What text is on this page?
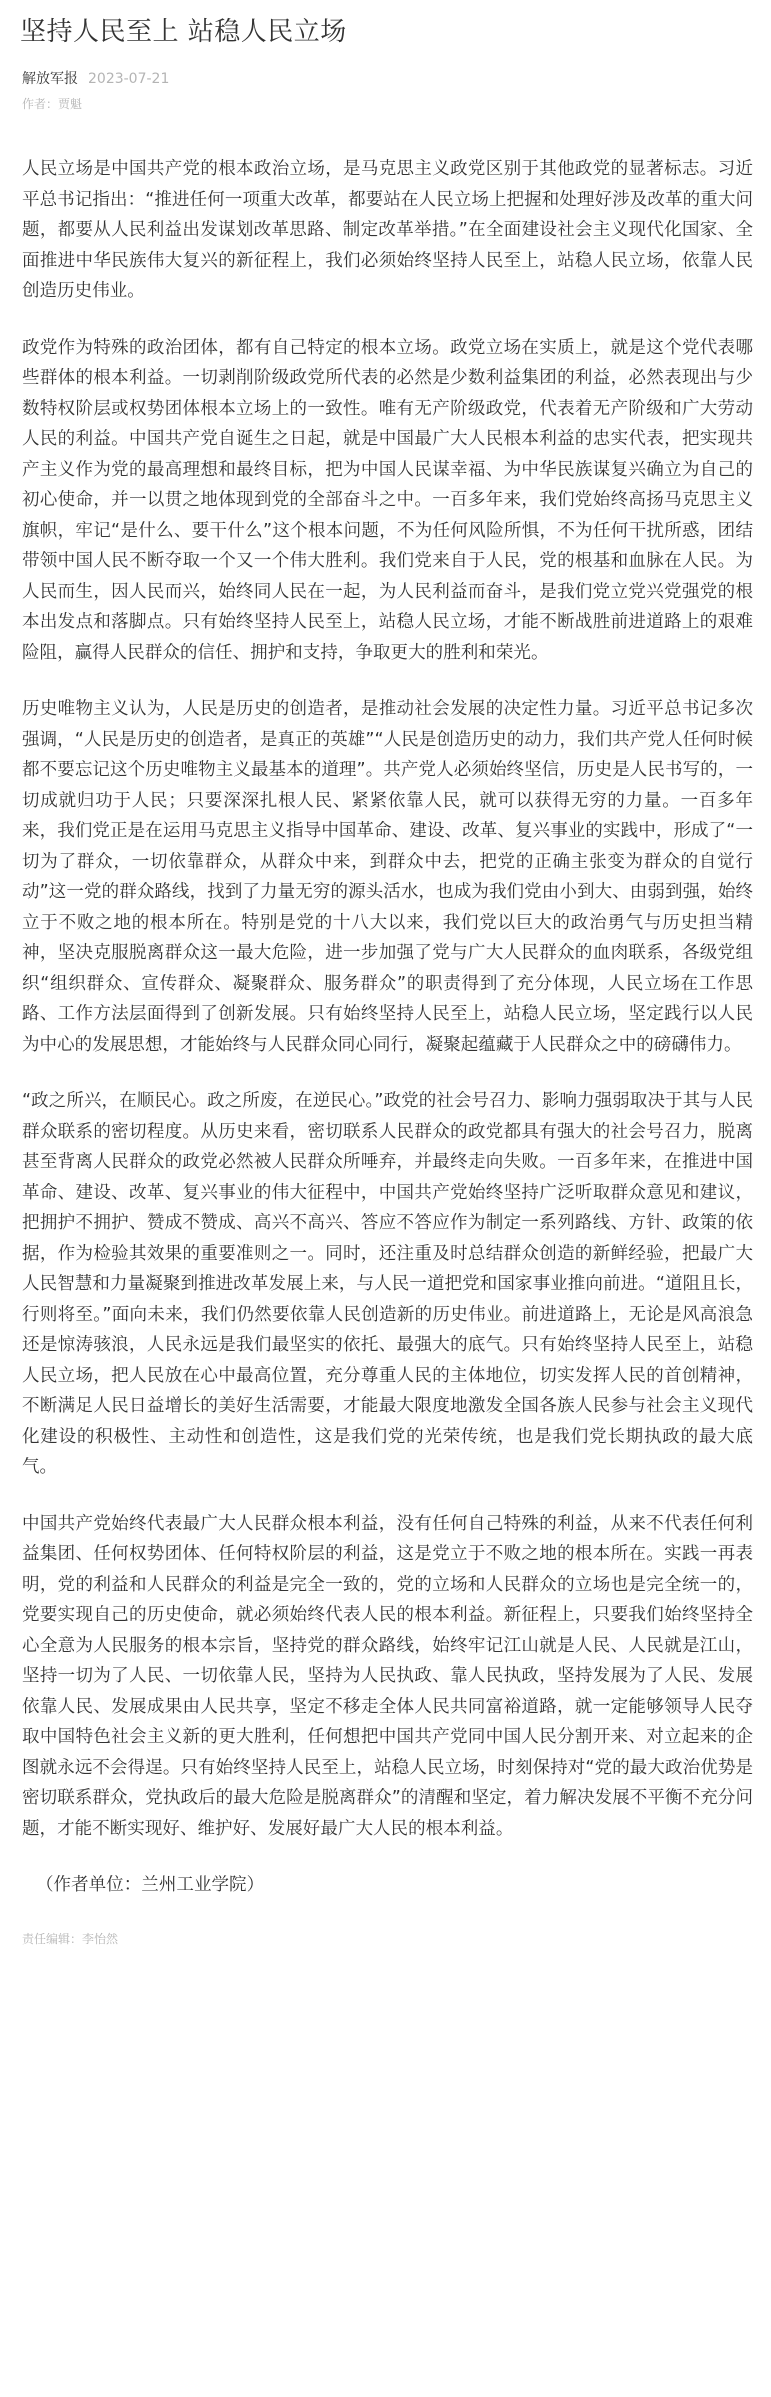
坚持人民至上 站稳人民立场
解放军报 2023-07-21
作者：贾魁

人民立场是中国共产党的根本政治立场，是马克思主义政党区别于其他政党的显著标志。习近平总书记指出：“推进任何一项重大改革，都要站在人民立场上把握和处理好涉及改革的重大问题，都要从人民利益出发谋划改革思路、制定改革举措。”在全面建设社会主义现代化国家、全面推进中华民族伟大复兴的新征程上，我们必须始终坚持人民至上，站稳人民立场，依靠人民创造历史伟业。

政党作为特殊的政治团体，都有自己特定的根本立场。政党立场在实质上，就是这个党代表哪些群体的根本利益。一切剥削阶级政党所代表的必然是少数利益集团的利益，必然表现出与少数特权阶层或权势团体根本立场上的一致性。唯有无产阶级政党，代表着无产阶级和广大劳动人民的利益。中国共产党自诞生之日起，就是中国最广大人民根本利益的忠实代表，把实现共产主义作为党的最高理想和最终目标，把为中国人民谋幸福、为中华民族谋复兴确立为自己的初心使命，并一以贯之地体现到党的全部奋斗之中。一百多年来，我们党始终高扬马克思主义旗帜，牢记“是什么、要干什么”这个根本问题，不为任何风险所惧，不为任何干扰所惑，团结带领中国人民不断夺取一个又一个伟大胜利。我们党来自于人民，党的根基和血脉在人民。为人民而生，因人民而兴，始终同人民在一起，为人民利益而奋斗，是我们党立党兴党强党的根本出发点和落脚点。只有始终坚持人民至上，站稳人民立场，才能不断战胜前进道路上的艰难险阻，赢得人民群众的信任、拥护和支持，争取更大的胜利和荣光。

历史唯物主义认为，人民是历史的创造者，是推动社会发展的决定性力量。习近平总书记多次强调，“人民是历史的创造者，是真正的英雄”“人民是创造历史的动力，我们共产党人任何时候都不要忘记这个历史唯物主义最基本的道理”。共产党人必须始终坚信，历史是人民书写的，一切成就归功于人民；只要深深扎根人民、紧紧依靠人民，就可以获得无穷的力量。一百多年来，我们党正是在运用马克思主义指导中国革命、建设、改革、复兴事业的实践中，形成了“一切为了群众，一切依靠群众，从群众中来，到群众中去，把党的正确主张变为群众的自觉行动”这一党的群众路线，找到了力量无穷的源头活水，也成为我们党由小到大、由弱到强，始终立于不败之地的根本所在。特别是党的十八大以来，我们党以巨大的政治勇气与历史担当精神，坚决克服脱离群众这一最大危险，进一步加强了党与广大人民群众的血肉联系，各级党组织“组织群众、宣传群众、凝聚群众、服务群众”的职责得到了充分体现，人民立场在工作思路、工作方法层面得到了创新发展。只有始终坚持人民至上，站稳人民立场，坚定践行以人民为中心的发展思想，才能始终与人民群众同心同行，凝聚起蕴藏于人民群众之中的磅礴伟力。

“政之所兴，在顺民心。政之所废，在逆民心。”政党的社会号召力、影响力强弱取决于其与人民群众联系的密切程度。从历史来看，密切联系人民群众的政党都具有强大的社会号召力，脱离甚至背离人民群众的政党必然被人民群众所唾弃，并最终走向失败。一百多年来，在推进中国革命、建设、改革、复兴事业的伟大征程中，中国共产党始终坚持广泛听取群众意见和建议，把拥护不拥护、赞成不赞成、高兴不高兴、答应不答应作为制定一系列路线、方针、政策的依据，作为检验其效果的重要准则之一。同时，还注重及时总结群众创造的新鲜经验，把最广大人民智慧和力量凝聚到推进改革发展上来，与人民一道把党和国家事业推向前进。“道阻且长，行则将至。”面向未来，我们仍然要依靠人民创造新的历史伟业。前进道路上，无论是风高浪急还是惊涛骇浪，人民永远是我们最坚实的依托、最强大的底气。只有始终坚持人民至上，站稳人民立场，把人民放在心中最高位置，充分尊重人民的主体地位，切实发挥人民的首创精神，不断满足人民日益增长的美好生活需要，才能最大限度地激发全国各族人民参与社会主义现代化建设的积极性、主动性和创造性，这是我们党的光荣传统，也是我们党长期执政的最大底气。

中国共产党始终代表最广大人民群众根本利益，没有任何自己特殊的利益，从来不代表任何利益集团、任何权势团体、任何特权阶层的利益，这是党立于不败之地的根本所在。实践一再表明，党的利益和人民群众的利益是完全一致的，党的立场和人民群众的立场也是完全统一的，党要实现自己的历史使命，就必须始终代表人民的根本利益。新征程上，只要我们始终坚持全心全意为人民服务的根本宗旨，坚持党的群众路线，始终牢记江山就是人民、人民就是江山，坚持一切为了人民、一切依靠人民，坚持为人民执政、靠人民执政，坚持发展为了人民、发展依靠人民、发展成果由人民共享，坚定不移走全体人民共同富裕道路，就一定能够领导人民夺取中国特色社会主义新的更大胜利，任何想把中国共产党同中国人民分割开来、对立起来的企图就永远不会得逞。只有始终坚持人民至上，站稳人民立场，时刻保持对“党的最大政治优势是密切联系群众，党执政后的最大危险是脱离群众”的清醒和坚定，着力解决发展不平衡不充分问题，才能不断实现好、维护好、发展好最广大人民的根本利益。

（作者单位：兰州工业学院）

责任编辑：李怡然
